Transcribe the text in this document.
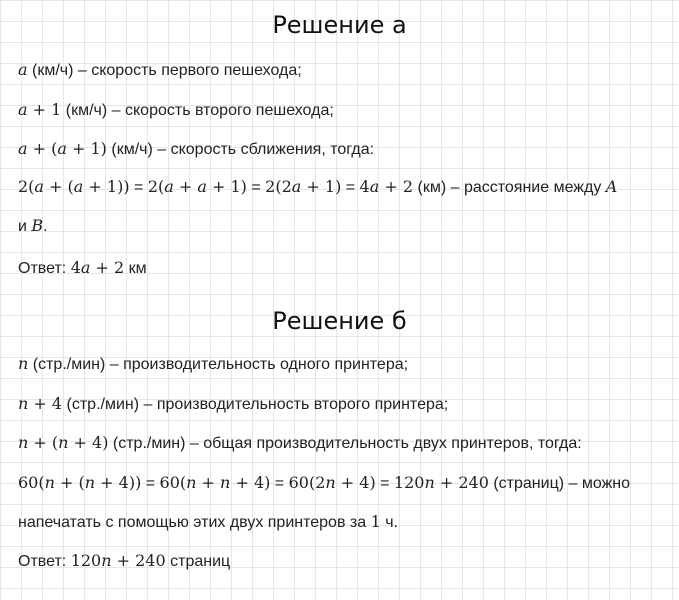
Решение а
a (км/ч) – скорость первого пешехода;
a + 1 (км/ч) – скорость второго пешехода;
a + (a + 1) (км/ч) – скорость сближения, тогда:
2(a + (a + 1)) = 2(a + a + 1) = 2(2a + 1) = 4a + 2 (км) – расстояние между A
и B.
Ответ: 4a + 2 км
Решение б
n (стр./мин) – производительность одного принтера;
n + 4 (стр./мин) – производительность второго принтера;
n + (n + 4) (стр./мин) – общая производительность двух принтеров, тогда:
60(n + (n + 4)) = 60(n + n + 4) = 60(2n + 4) = 120n + 240 (страниц) – можно
напечатать с помощью этих двух принтеров за 1 ч.
Ответ: 120n + 240 страниц
